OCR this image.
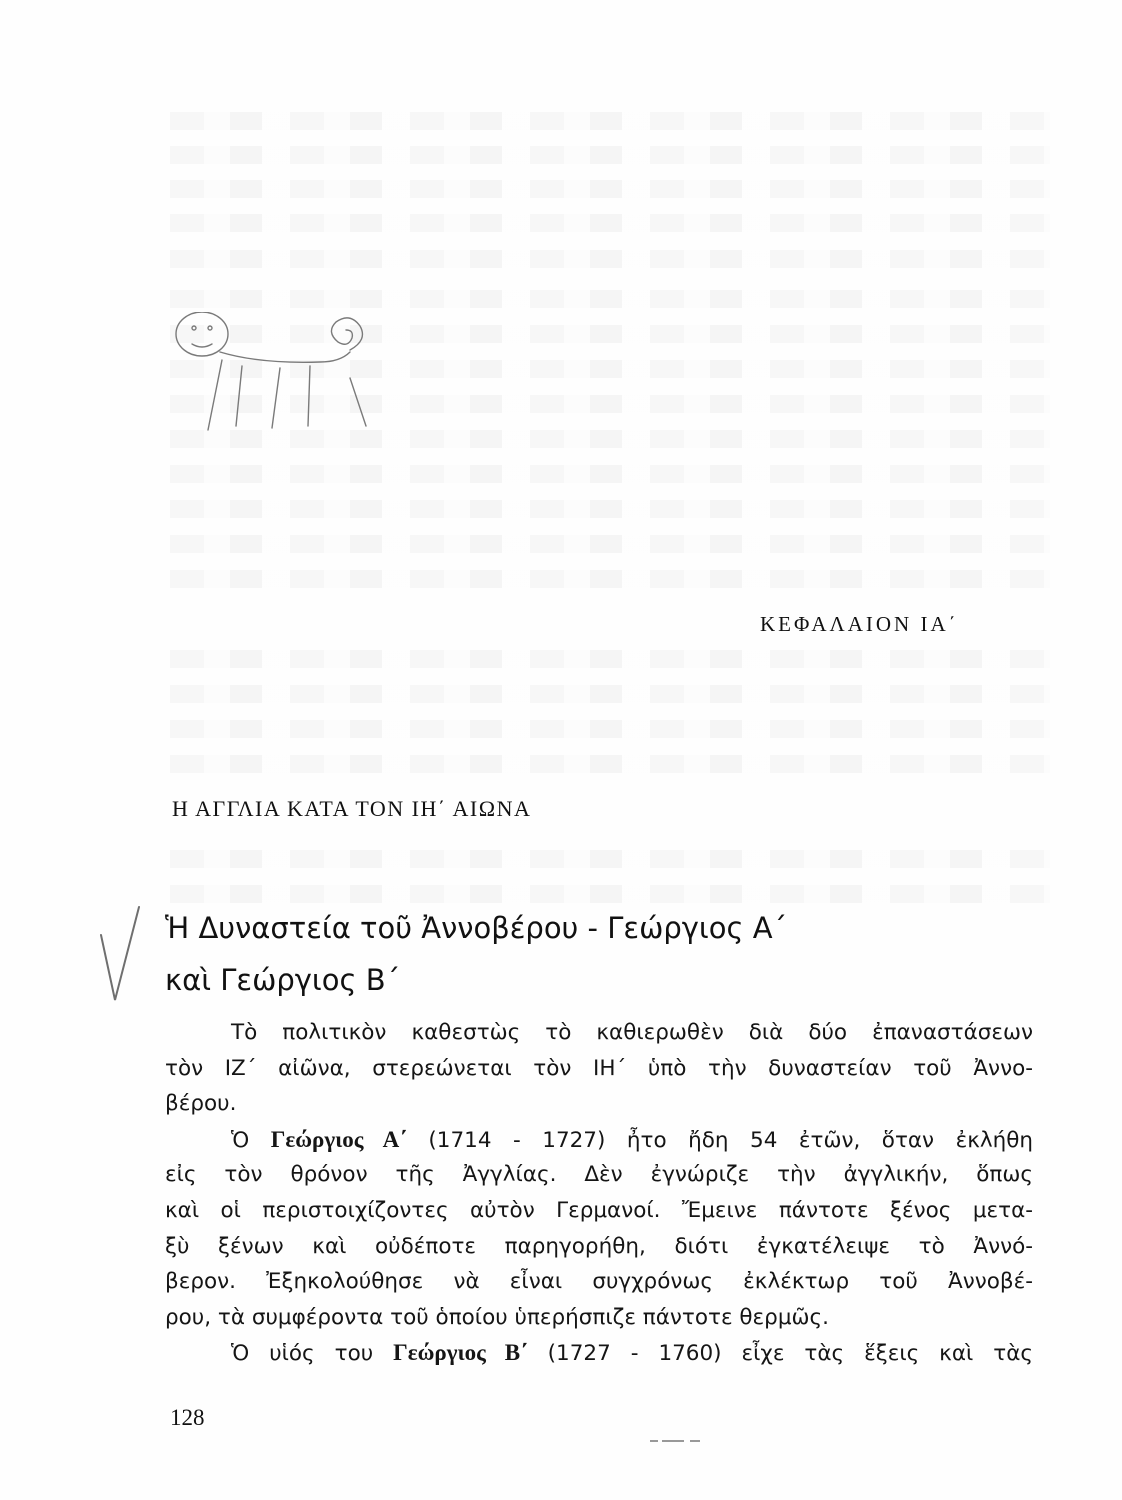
ΚΕΦΑΛΑΙΟΝ ΙΑ΄
Η ΑΓΓΛΙΑ ΚΑΤΑ ΤΟΝ ΙΗ΄ ΑΙΩΝΑ
Ἡ Δυναστεία τοῦ Ἀννοβέρου - Γεώργιος Α΄
καὶ Γεώργιος Β΄
Τὸ πολιτικὸν καθεστὼς τὸ καθιερωθὲν διὰ δύο ἐπαναστάσεων
τὸν ΙΖ΄ αἰῶνα, στερεώνεται τὸν ΙΗ΄ ὑπὸ τὴν δυναστείαν τοῦ Ἀννο-
βέρου.
Ὁ Γεώργιος Α΄ (1714 - 1727) ἦτο ἤδη 54 ἐτῶν, ὅταν ἐκλήθη
εἰς τὸν θρόνον τῆς Ἀγγλίας. Δὲν ἐγνώριζε τὴν ἀγγλικήν, ὅπως
καὶ οἱ περιστοιχίζοντες αὐτὸν Γερμανοί. Ἔμεινε πάντοτε ξένος μετα-
ξὺ ξένων καὶ οὐδέποτε παρηγορήθη, διότι ἐγκατέλειψε τὸ Ἀννό-
βερον. Ἐξηκολούθησε νὰ εἶναι συγχρόνως ἐκλέκτωρ τοῦ Ἀννοβέ-
ρου, τὰ συμφέροντα τοῦ ὁποίου ὑπερήσπιζε πάντοτε θερμῶς.
Ὁ υἱός του Γεώργιος Β΄ (1727 - 1760) εἶχε τὰς ἕξεις καὶ τὰς
128
